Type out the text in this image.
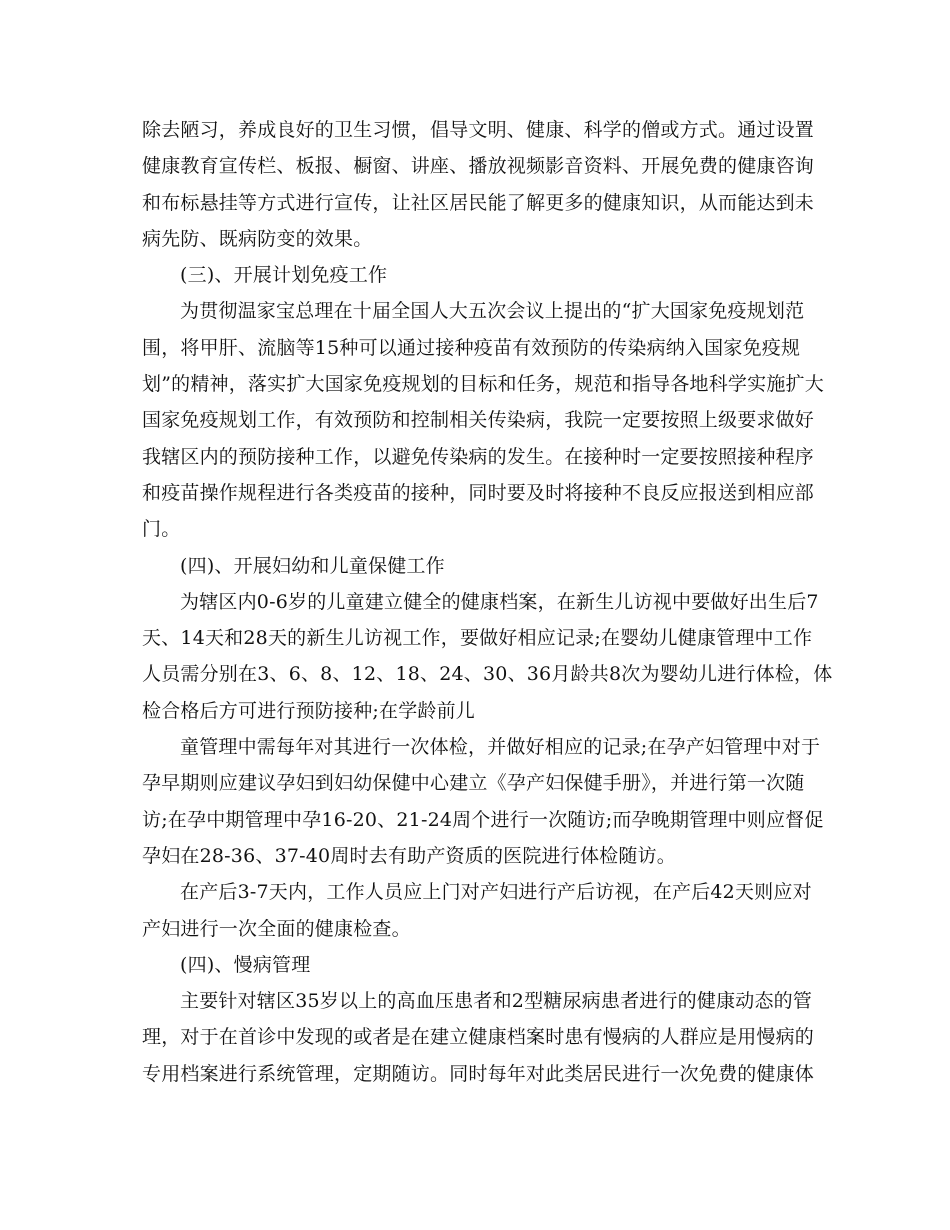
除去陋习，养成良好的卫生习惯，倡导文明、健康、科学的僧或方式。通过设置
健康教育宣传栏、板报、橱窗、讲座、播放视频影音资料、开展免费的健康咨询
和布标悬挂等方式进行宣传，让社区居民能了解更多的健康知识，从而能达到未
病先防、既病防变的效果。
(三)、开展计划免疫工作
为贯彻温家宝总理在十届全国人大五次会议上提出的“扩大国家免疫规划范
围，将甲肝、流脑等15种可以通过接种疫苗有效预防的传染病纳入国家免疫规
划”的精神，落实扩大国家免疫规划的目标和任务，规范和指导各地科学实施扩大
国家免疫规划工作，有效预防和控制相关传染病，我院一定要按照上级要求做好
我辖区内的预防接种工作，以避免传染病的发生。在接种时一定要按照接种程序
和疫苗操作规程进行各类疫苗的接种，同时要及时将接种不良反应报送到相应部
门。
(四)、开展妇幼和儿童保健工作
为辖区内0-6岁的儿童建立健全的健康档案，在新生儿访视中要做好出生后7
天、14天和28天的新生儿访视工作，要做好相应记录;在婴幼儿健康管理中工作
人员需分别在3、6、8、12、18、24、30、36月龄共8次为婴幼儿进行体检，体
检合格后方可进行预防接种;在学龄前儿
童管理中需每年对其进行一次体检，并做好相应的记录;在孕产妇管理中对于
孕早期则应建议孕妇到妇幼保健中心建立《孕产妇保健手册》，并进行第一次随
访;在孕中期管理中孕16-20、21-24周个进行一次随访;而孕晚期管理中则应督促
孕妇在28-36、37-40周时去有助产资质的医院进行体检随访。
在产后3-7天内，工作人员应上门对产妇进行产后访视，在产后42天则应对
产妇进行一次全面的健康检查。
(四)、慢病管理
主要针对辖区35岁以上的高血压患者和2型糖尿病患者进行的健康动态的管
理，对于在首诊中发现的或者是在建立健康档案时患有慢病的人群应是用慢病的
专用档案进行系统管理，定期随访。同时每年对此类居民进行一次免费的健康体
